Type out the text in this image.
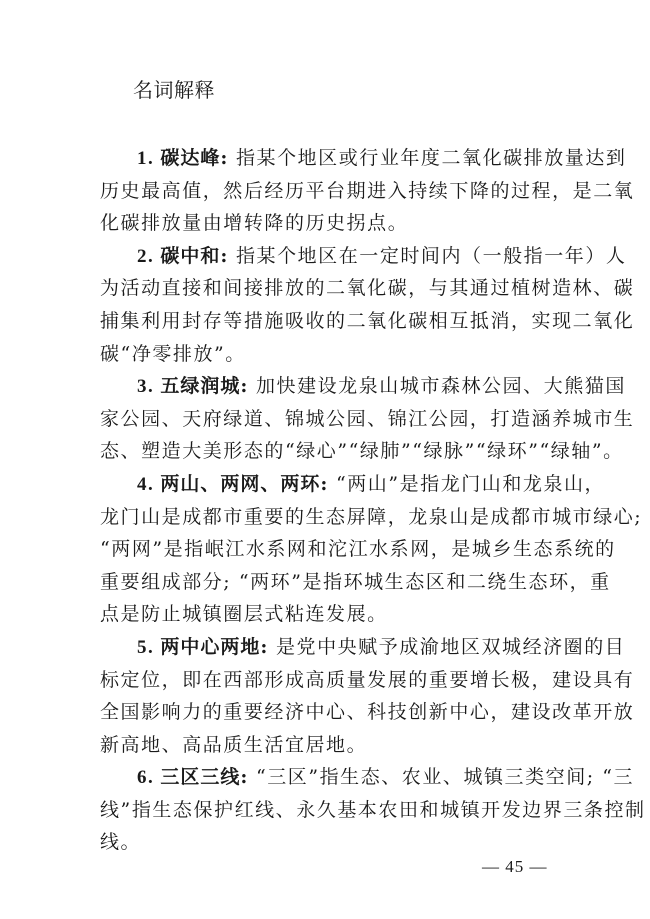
名词解释
1. 碳达峰: 指某个地区或行业年度二氧化碳排放量达到
历史最高值，然后经历平台期进入持续下降的过程，是二氧
化碳排放量由增转降的历史拐点。
2. 碳中和: 指某个地区在一定时间内（一般指一年）人
为活动直接和间接排放的二氧化碳，与其通过植树造林、碳
捕集利用封存等措施吸收的二氧化碳相互抵消，实现二氧化
碳“净零排放”。
3. 五绿润城: 加快建设龙泉山城市森林公园、大熊猫国
家公园、天府绿道、锦城公园、锦江公园，打造涵养城市生
态、塑造大美形态的“绿心”“绿肺”“绿脉”“绿环”“绿轴”。
4. 两山、两网、两环: “两山”是指龙门山和龙泉山，
龙门山是成都市重要的生态屏障，龙泉山是成都市城市绿心;
“两网”是指岷江水系网和沱江水系网，是城乡生态系统的
重要组成部分; “两环”是指环城生态区和二绕生态环，重
点是防止城镇圈层式粘连发展。
5. 两中心两地: 是党中央赋予成渝地区双城经济圈的目
标定位，即在西部形成高质量发展的重要增长极，建设具有
全国影响力的重要经济中心、科技创新中心，建设改革开放
新高地、高品质生活宜居地。
6. 三区三线: “三区”指生态、农业、城镇三类空间; “三
线”指生态保护红线、永久基本农田和城镇开发边界三条控制
线。
— 45 —
